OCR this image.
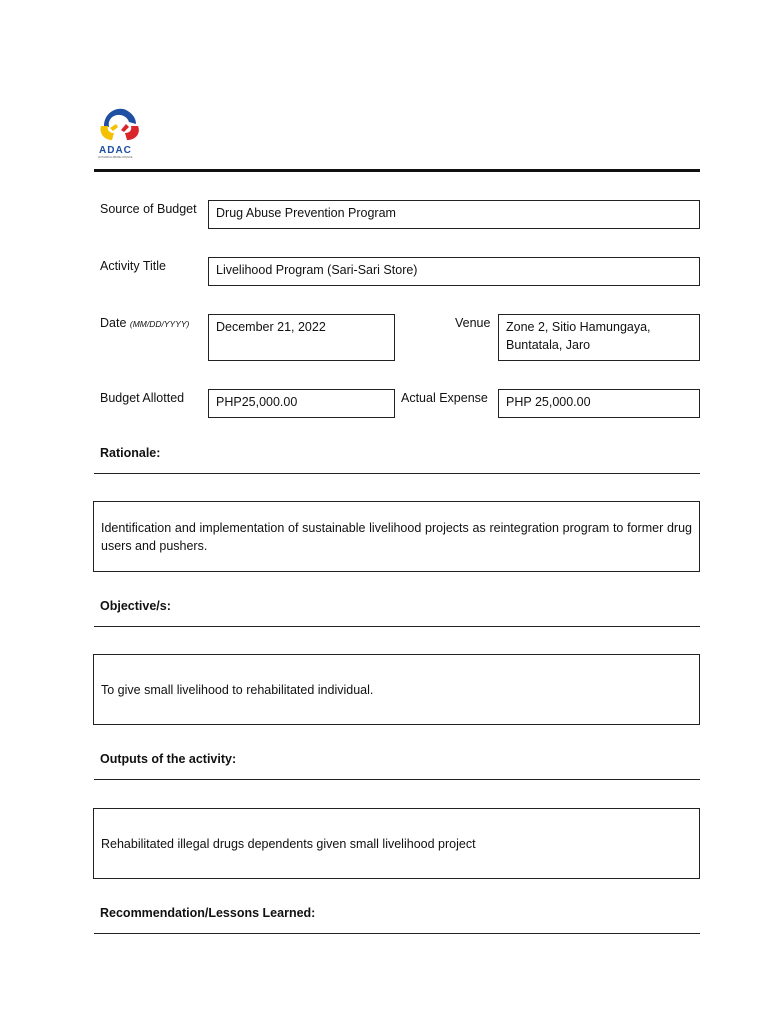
ADAC
ANTI-DRUG ABUSE COUNCIL
Source of Budget	Drug Abuse Prevention Program
Activity Title	Livelihood Program (Sari-Sari Store)
Date (MM/DD/YYYY)	December 21, 2022	Venue Zone 2, Sitio Hamungaya,
Buntatala, Jaro
Budget Allotted	PHP25,000.00	Actual Expense	PHP 25,000.00
Rationale:
Identification and implementation of sustainable livelihood projects as reintegration program to former drug users and pushers.
Objective/s:
To give small livelihood to rehabilitated individual.
Outputs of the activity:
Rehabilitated illegal drugs dependents given small livelihood project
Recommendation/Lessons Learned:
